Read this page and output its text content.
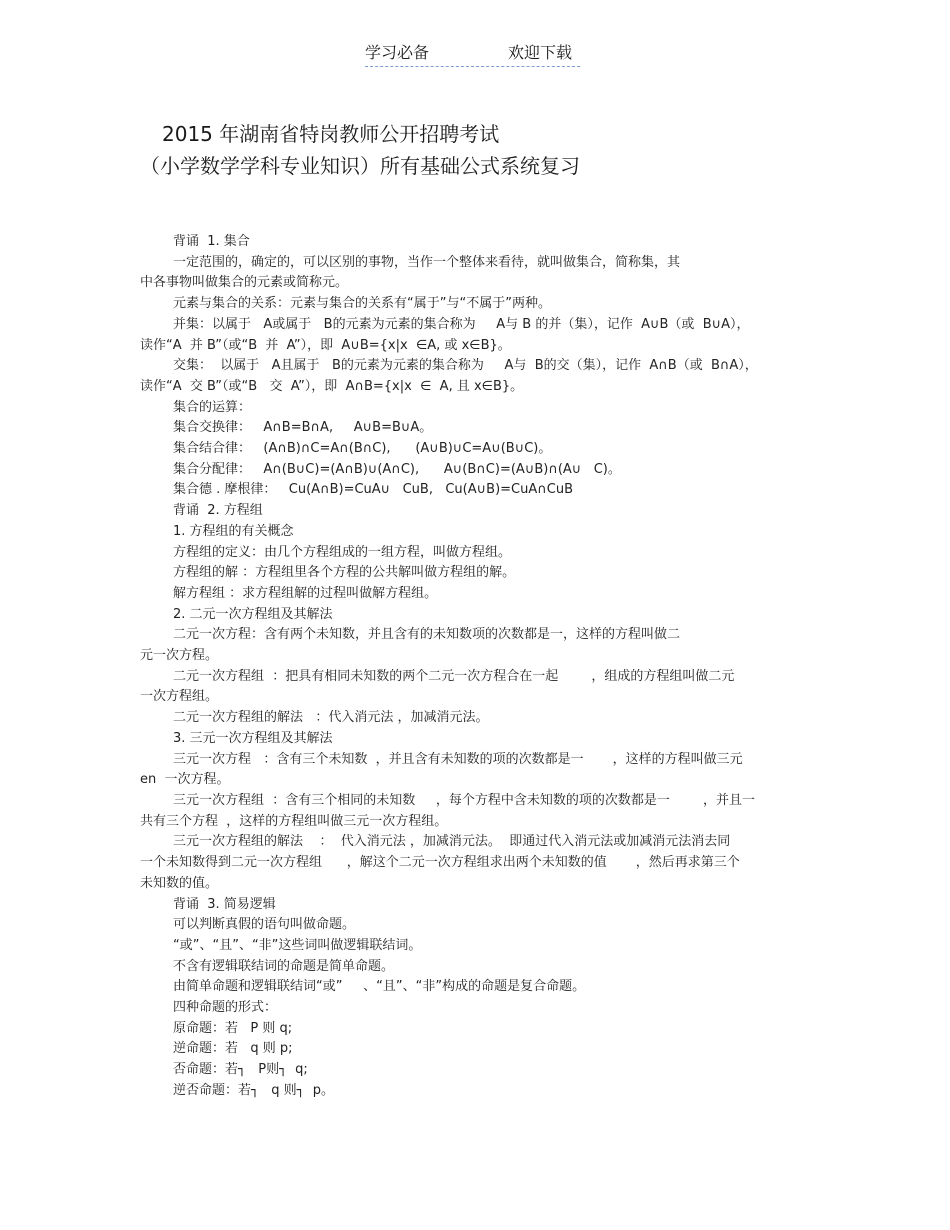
学习必备	欢迎下载
2015 年湖南省特岗教师公开招聘考试
（小学数学学科专业知识）所有基础公式系统复习

背诵  1. 集合

一定范围的，确定的，可以区别的事物，当作一个整体来看待，就叫做集合，简称集，其

中各事物叫做集合的元素或简称元。

元素与集合的关系：元素与集合的关系有“属于”与“不属于”两种。

并集：以属于   A或属于   B的元素为元素的集合称为     A与 B 的并（集），记作  A∪B（或  B∪A），

读作“A  并 B”（或“B  并  A”），即  A∪B={x|x  ∈A, 或 x∈B}。

交集：  以属于   A且属于   B的元素为元素的集合称为     A与  B的交（集），记作  A∩B（或  B∩A），

读作“A  交 B”（或“B   交  A”），即  A∩B={x|x  ∈  A, 且 x∈B}。

集合的运算：

集合交换律：   A∩B=B∩A,     A∪B=B∪A。

集合结合律：   (A∩B)∩C=A∩(B∩C),      (A∪B)∪C=A∪(B∪C)。

集合分配律：   A∩(B∪C)=(A∩B)∪(A∩C),      A∪(B∩C)=(A∪B)∩(A∪   C)。

集合德 . 摩根律：   Cu(A∩B)=CuA∪   CuB,   Cu(A∪B)=CuA∩CuB

背诵  2. 方程组

1. 方程组的有关概念

方程组的定义：由几个方程组成的一组方程，叫做方程组。

方程组的解 ：方程组里各个方程的公共解叫做方程组的解。

解方程组 ：求方程组解的过程叫做解方程组。

2. 二元一次方程组及其解法

二元一次方程：含有两个未知数，并且含有的未知数项的次数都是一，这样的方程叫做二

元一次方程。

二元一次方程组  ：把具有相同未知数的两个二元一次方程合在一起        ，组成的方程组叫做二元

一次方程组。

二元一次方程组的解法   ：代入消元法 ，加减消元法。

3. 三元一次方程组及其解法

三元一次方程   ：含有三个未知数  ，并且含有未知数的项的次数都是一       ，这样的方程叫做三元

en  一次方程。

三元一次方程组  ：含有三个相同的未知数     ，每个方程中含未知数的项的次数都是一        ，并且一

共有三个方程  ，这样的方程组叫做三元一次方程组。

三元一次方程组的解法    ：  代入消元法 ，加减消元法。  即通过代入消元法或加减消元法消去同

一个未知数得到二元一次方程组      ，解这个二元一次方程组求出两个未知数的值       ，然后再求第三个

未知数的值。

背诵  3. 简易逻辑

可以判断真假的语句叫做命题。

“或”、“且”、“非”这些词叫做逻辑联结词。

不含有逻辑联结词的命题是简单命题。

由简单命题和逻辑联结词“或”     、“且”、“非”构成的命题是复合命题。

四种命题的形式：

原命题：若   P 则 q;

逆命题：若   q 则 p;

否命题：若┐   P则┐  q;

逆否命题：若┐   q 则┐  p。
